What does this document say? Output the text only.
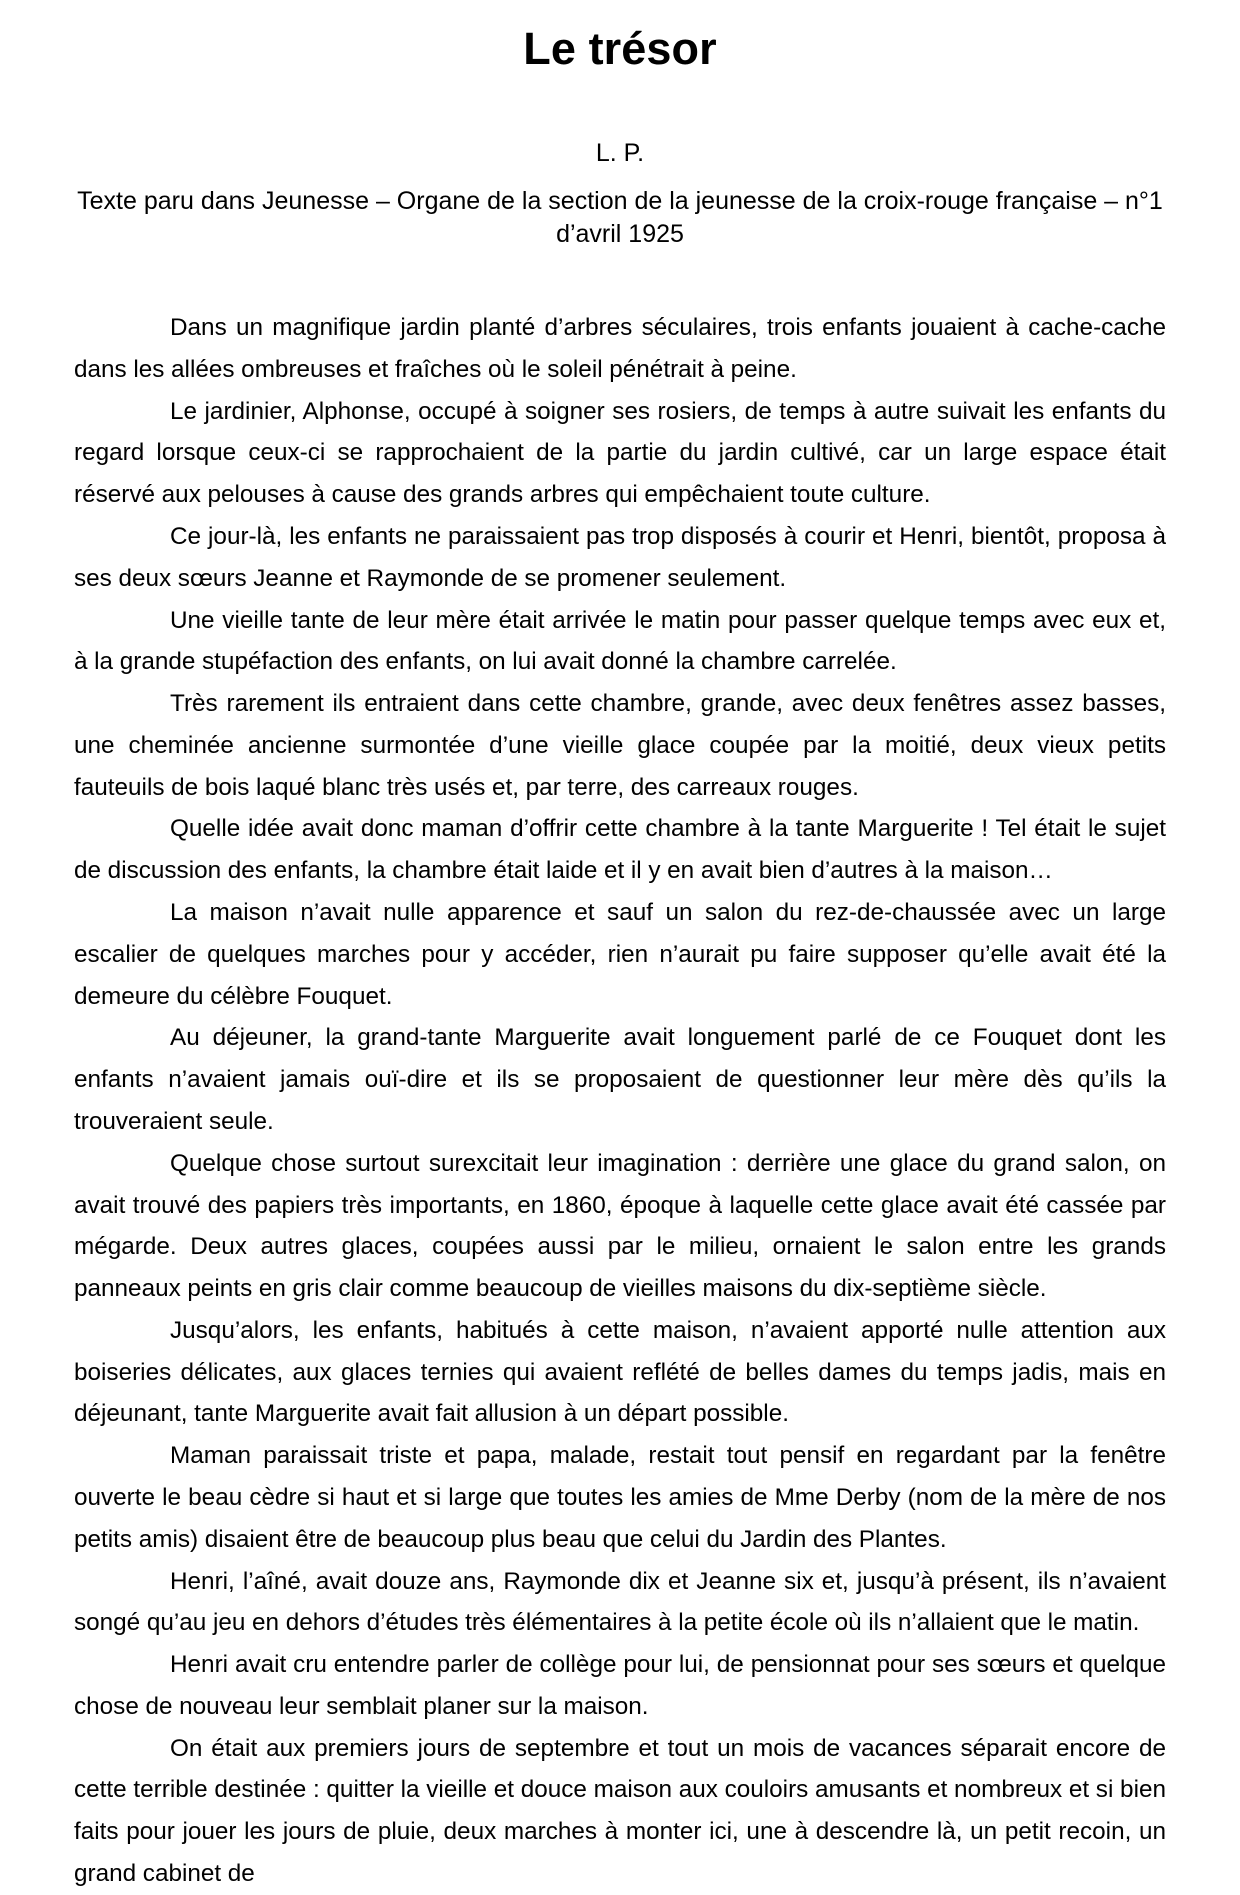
Le trésor

L. P.

Texte paru dans Jeunesse – Organe de la section de la jeunesse de la croix-rouge française – n°1 d’avril 1925

Dans un magnifique jardin planté d’arbres séculaires, trois enfants jouaient à cache-cache dans les allées ombreuses et fraîches où le soleil pénétrait à peine.

Le jardinier, Alphonse, occupé à soigner ses rosiers, de temps à autre suivait les enfants du regard lorsque ceux-ci se rapprochaient de la partie du jardin cultivé, car un large espace était réservé aux pelouses à cause des grands arbres qui empêchaient toute culture.

Ce jour-là, les enfants ne paraissaient pas trop disposés à courir et Henri, bientôt, proposa à ses deux sœurs Jeanne et Raymonde de se promener seulement.

Une vieille tante de leur mère était arrivée le matin pour passer quelque temps avec eux et, à la grande stupéfaction des enfants, on lui avait donné la chambre carrelée.

Très rarement ils entraient dans cette chambre, grande, avec deux fenêtres assez basses, une cheminée ancienne surmontée d’une vieille glace coupée par la moitié, deux vieux petits fauteuils de bois laqué blanc très usés et, par terre, des carreaux rouges.

Quelle idée avait donc maman d’offrir cette chambre à la tante Marguerite ! Tel était le sujet de discussion des enfants, la chambre était laide et il y en avait bien d’autres à la maison…

La maison n’avait nulle apparence et sauf un salon du rez-de-chaussée avec un large escalier de quelques marches pour y accéder, rien n’aurait pu faire supposer qu’elle avait été la demeure du célèbre Fouquet.

Au déjeuner, la grand-tante Marguerite avait longuement parlé de ce Fouquet dont les enfants n’avaient jamais ouï-dire et ils se proposaient de questionner leur mère dès qu’ils la trouveraient seule.

Quelque chose surtout surexcitait leur imagination : derrière une glace du grand salon, on avait trouvé des papiers très importants, en 1860, époque à laquelle cette glace avait été cassée par mégarde. Deux autres glaces, coupées aussi par le milieu, ornaient le salon entre les grands panneaux peints en gris clair comme beaucoup de vieilles maisons du dix-septième siècle.

Jusqu’alors, les enfants, habitués à cette maison, n’avaient apporté nulle attention aux boiseries délicates, aux glaces ternies qui avaient reflété de belles dames du temps jadis, mais en déjeunant, tante Marguerite avait fait allusion à un départ possible.

Maman paraissait triste et papa, malade, restait tout pensif en regardant par la fenêtre ouverte le beau cèdre si haut et si large que toutes les amies de Mme Derby (nom de la mère de nos petits amis) disaient être de beaucoup plus beau que celui du Jardin des Plantes.

Henri, l’aîné, avait douze ans, Raymonde dix et Jeanne six et, jusqu’à présent, ils n’avaient songé qu’au jeu en dehors d’études très élémentaires à la petite école où ils n’allaient que le matin.

Henri avait cru entendre parler de collège pour lui, de pensionnat pour ses sœurs et quelque chose de nouveau leur semblait planer sur la maison.

On était aux premiers jours de septembre et tout un mois de vacances séparait encore de cette terrible destinée : quitter la vieille et douce maison aux couloirs amusants et nombreux et si bien faits pour jouer les jours de pluie, deux marches à monter ici, une à descendre là, un petit recoin, un grand cabinet de
